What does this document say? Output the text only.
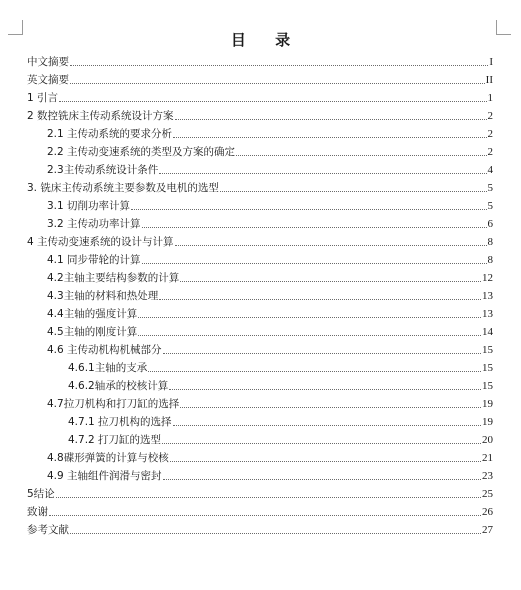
目 录
中文摘要	I
英文摘要	II
1 引言	1
2 数控铣床主传动系统设计方案	2
2.1 主传动系统的要求分析	2
2.2 主传动变速系统的类型及方案的确定	2
2.3主传动系统设计条件	4
3. 铣床主传动系统主要参数及电机的选型	5
3.1 切削功率计算	5
3.2 主传动功率计算	6
4 主传动变速系统的设计与计算	8
4.1 同步带轮的计算	8
4.2主轴主要结构参数的计算	12
4.3主轴的材料和热处理	13
4.4主轴的强度计算	13
4.5主轴的刚度计算	14
4.6 主传动机构机械部分	15
4.6.1主轴的支承	15
4.6.2轴承的校核计算	15
4.7拉刀机构和打刀缸的选择	19
4.7.1 拉刀机构的选择	19
4.7.2 打刀缸的选型	20
4.8碟形弹簧的计算与校核	21
4.9 主轴组件润滑与密封	23
5结论	25
致谢	26
参考文献	27
